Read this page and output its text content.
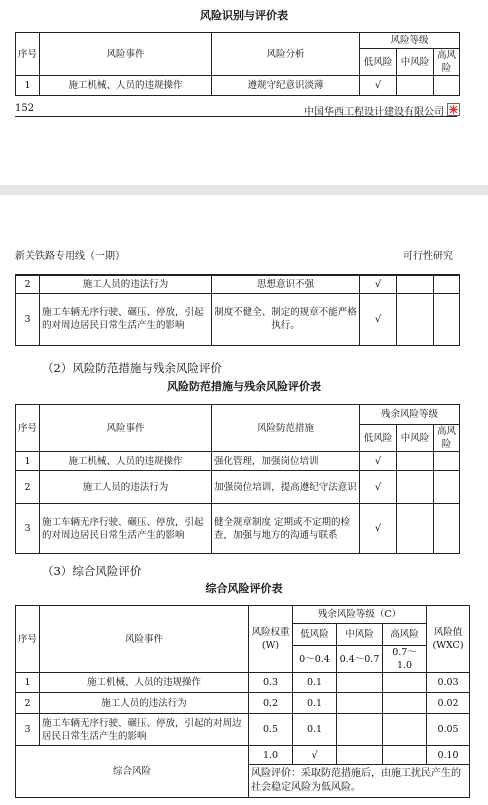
风险识别与评价表
序号	风险事件	风险分析	风险等级		
			低风险	中风险	高风险
1	施工机械、人员的违规操作	遵规守纪意识淡薄	√		
152	中国华西工程设计建设有限公司
新关铁路专用线（一期）	可行性研究
2	施工人员的违法行为	思想意识不强	√		
3	施工车辆无序行驶、碾压、停放，引起的对周边居民日常生活产生的影响	制度不健全、制定的规章不能严格执行。	√		
（2）风险防范措施与残余风险评价
风险防范措施与残余风险评价表
序号	风险事件	风险防范措施	残余风险等级		
			低风险	中风险	高风险
1	施工机械、人员的违规操作	强化管理，加强岗位培训	√		
2	施工人员的违法行为	加强岗位培训，提高遵纪守法意识	√		
3	施工车辆无序行驶、碾压、停放，引起的对周边居民日常生活产生的影响	健全规章制度 定期或不定期的检查，加强与地方的沟通与联系	√		
（3）综合风险评价
综合风险评价表
序号	风险事件	风险权重(W)	残余风险等级（C）			风险值(WXC)
			低风险	中风险	高风险	
			0～0.4	0.4～0.7	0.7～1.0	
1	施工机械、人员的违规操作	0.3	0.1			0.03
2	施工人员的违法行为	0.2	0.1			0.02
3	施工车辆无序行驶、碾压、停放，引起的对周边居民日常生活产生的影响	0.5	0.1			0.05
综合风险		1.0	√			0.10
		风险评价：采取防范措施后，由施工扰民产生的社会稳定风险为低风险。				
